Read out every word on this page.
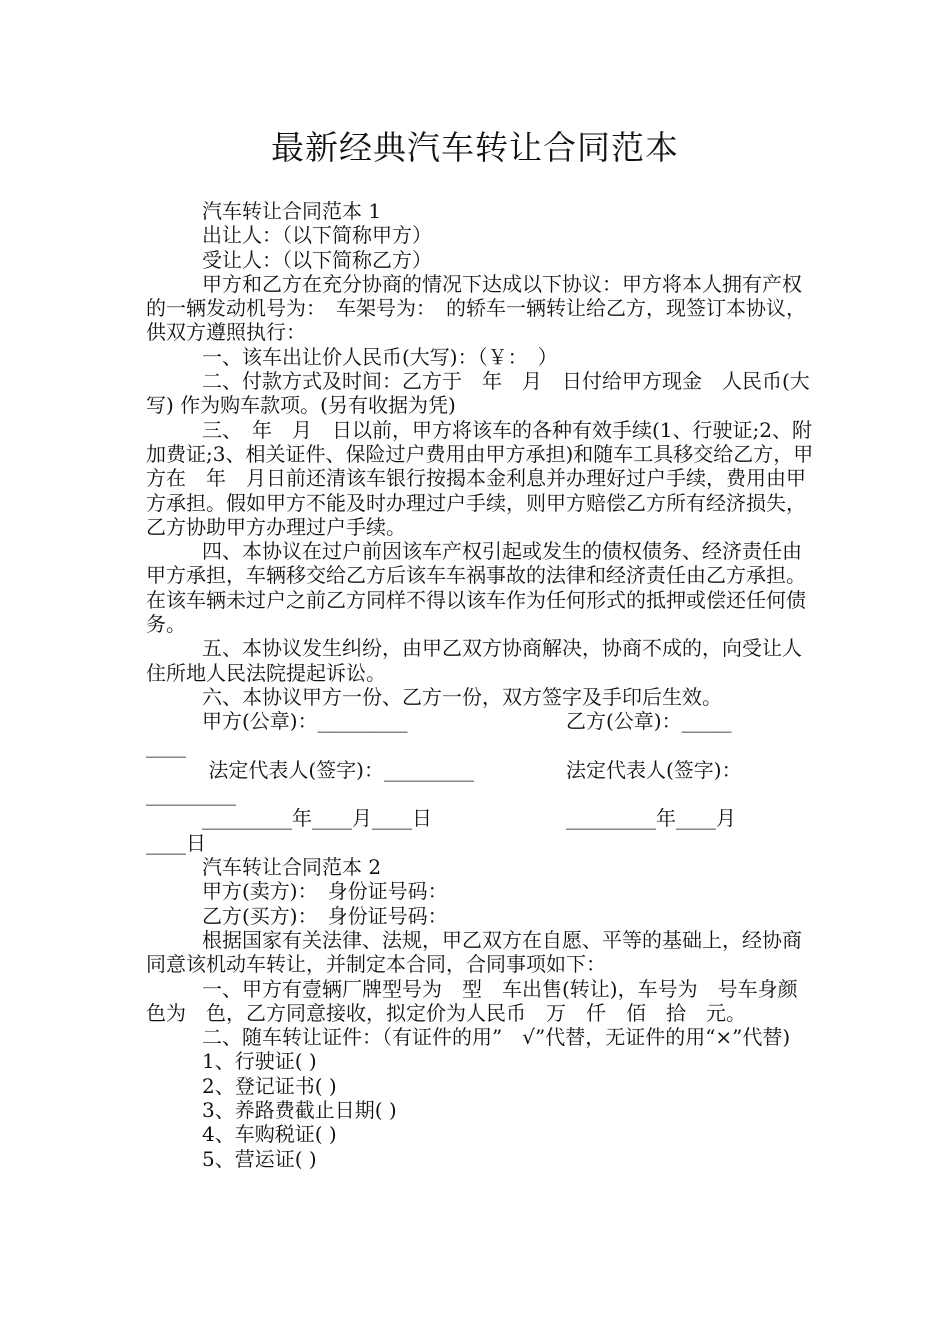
最新经典汽车转让合同范本

汽车转让合同范本 1

出让人：（以下简称甲方）

受让人：（以下简称乙方）

甲方和乙方在充分协商的情况下达成以下协议：甲方将本人拥有产权的一辆发动机号为：　车架号为：　的轿车一辆转让给乙方，现签订本协议，供双方遵照执行：

一、该车出让价人民币(大写)：（￥：　）

二、付款方式及时间：乙方于　年　月　日付给甲方现金　人民币(大写) 作为购车款项。(另有收据为凭)

三、　年　月　日以前，甲方将该车的各种有效手续(1、行驶证;2、附加费证;3、相关证件、保险过户费用由甲方承担)和随车工具移交给乙方，甲方在　年　月日前还清该车银行按揭本金利息并办理好过户手续，费用由甲方承担。假如甲方不能及时办理过户手续，则甲方赔偿乙方所有经济损失，乙方协助甲方办理过户手续。

四、本协议在过户前因该车产权引起或发生的债权债务、经济责任由甲方承担，车辆移交给乙方后该车车祸事故的法律和经济责任由乙方承担。在该车辆未过户之前乙方同样不得以该车作为任何形式的抵押或偿还任何债务。

五、本协议发生纠纷，由甲乙双方协商解决，协商不成的，向受让人住所地人民法院提起诉讼。

六、本协议甲方一份、乙方一份，双方签字及手印后生效。

甲方(公章)：_________	乙方(公章)：_____

____

法定代表人(签字)：_________	法定代表人(签字)：

_________

_________年____月____日	_________年____月

____日

汽车转让合同范本 2

甲方(卖方)：　身份证号码：

乙方(买方)：　身份证号码：

根据国家有关法律、法规，甲乙双方在自愿、平等的基础上，经协商同意该机动车转让，并制定本合同，合同事项如下：

一、甲方有壹辆厂牌型号为　型　车出售(转让)，车号为　号车身颜色为　色，乙方同意接收，拟定价为人民币　万　仟　佰　拾　元。

二、随车转让证件：（有证件的用”　√”代替，无证件的用“×”代替)

1、行驶证( )

2、登记证书( )

3、养路费截止日期( )

4、车购税证( )

5、营运证( )
